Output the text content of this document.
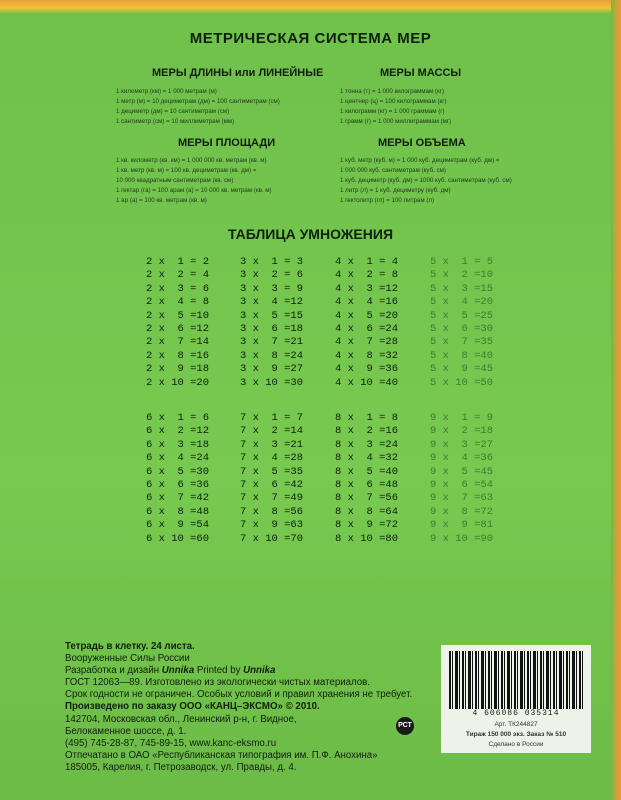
МЕТРИЧЕСКАЯ СИСТЕМА МЕР
МЕРЫ ДЛИНЫ или ЛИНЕЙНЫЕ
1 километр (км) = 1 000 метрам (м)
1 метр (м) = 10 дециметрам (дм) = 100 сантиметрам (см)
1 дециметр (дм) = 10 сантиметрам (см)
1 сантиметр (см) = 10 миллиметрам (мм)
МЕРЫ МАССЫ
1 тонна (т) = 1 000 килограммам (кг)
1 центнер (ц) = 100 килограммам (кг)
1 килограмм (кг) = 1 000 граммам (г)
1 грамм (г) = 1 000 миллиграммам (мг)
МЕРЫ ПЛОЩАДИ
1 кв. километр (кв. км) = 1 000 000 кв. метрам (кв. м)
1 кв. метр (кв. м) = 100 кв. дециметрам (кв. дм) =
10 000 квадратным сантиметрам (кв. см)
1 гектар (га) = 100 арам (а) = 10 000 кв. метрам (кв. м)
1 ар (а) = 100 кв. метрам (кв. м)
МЕРЫ ОБЪЕМА
1 куб. метр (куб. м) = 1 000 куб. дециметрам (куб. дм) =
1 000 000 куб. сантиметрам (куб. см)
1 куб. дециметр (куб. дм) = 1000 куб. сантиметрам (куб. см)
1 литр (л) = 1 куб. дециметру (куб. дм)
1 гектолитр (гл) = 100 литрам (л)
ТАБЛИЦА УМНОЖЕНИЯ
2 x  1 = 2
2 x  2 = 4
2 x  3 = 6
2 x  4 = 8
2 x  5 =10
2 x  6 =12
2 x  7 =14
2 x  8 =16
2 x  9 =18
2 x 10 =20
3 x  1 = 3
3 x  2 = 6
3 x  3 = 9
3 x  4 =12
3 x  5 =15
3 x  6 =18
3 x  7 =21
3 x  8 =24
3 x  9 =27
3 x 10 =30
4 x  1 = 4
4 x  2 = 8
4 x  3 =12
4 x  4 =16
4 x  5 =20
4 x  6 =24
4 x  7 =28
4 x  8 =32
4 x  9 =36
4 x 10 =40
5 x  1 = 5
5 x  2 =10
5 x  3 =15
5 x  4 =20
5 x  5 =25
5 x  6 =30
5 x  7 =35
5 x  8 =40
5 x  9 =45
5 x 10 =50
6 x  1 = 6
6 x  2 =12
6 x  3 =18
6 x  4 =24
6 x  5 =30
6 x  6 =36
6 x  7 =42
6 x  8 =48
6 x  9 =54
6 x 10 =60
7 x  1 = 7
7 x  2 =14
7 x  3 =21
7 x  4 =28
7 x  5 =35
7 x  6 =42
7 x  7 =49
7 x  8 =56
7 x  9 =63
7 x 10 =70
8 x  1 = 8
8 x  2 =16
8 x  3 =24
8 x  4 =32
8 x  5 =40
8 x  6 =48
8 x  7 =56
8 x  8 =64
8 x  9 =72
8 x 10 =80
9 x  1 = 9
9 x  2 =18
9 x  3 =27
9 x  4 =36
9 x  5 =45
9 x  6 =54
9 x  7 =63
9 x  8 =72
9 x  9 =81
9 x 10 =90
Тетрадь в клетку. 24 листа.
Вооруженные Силы России
Разработка и дизайн Unnika Printed by Unnika
ГОСТ 12063—89. Изготовлено из экологически чистых материалов.
Срок годности не ограничен. Особых условий и правил хранения не требует.
Произведено по заказу ООО «КАНЦ–ЭКСМО» © 2010.
142704, Московская обл., Ленинский р-н, г. Видное,
Белокаменное шоссе, д. 1.
(495) 745-28-87, 745-89-15, www.kanc-eksmo.ru
Отпечатано в ОАО «Республиканская типография им. П.Ф. Анохина»
185005, Карелия, г. Петрозаводск, ул. Правды, д. 4.
РСТ
4 606086 035314
Арт. ТК244827
Тираж 150 000 экз. Заказ № 510
Сделано в России
